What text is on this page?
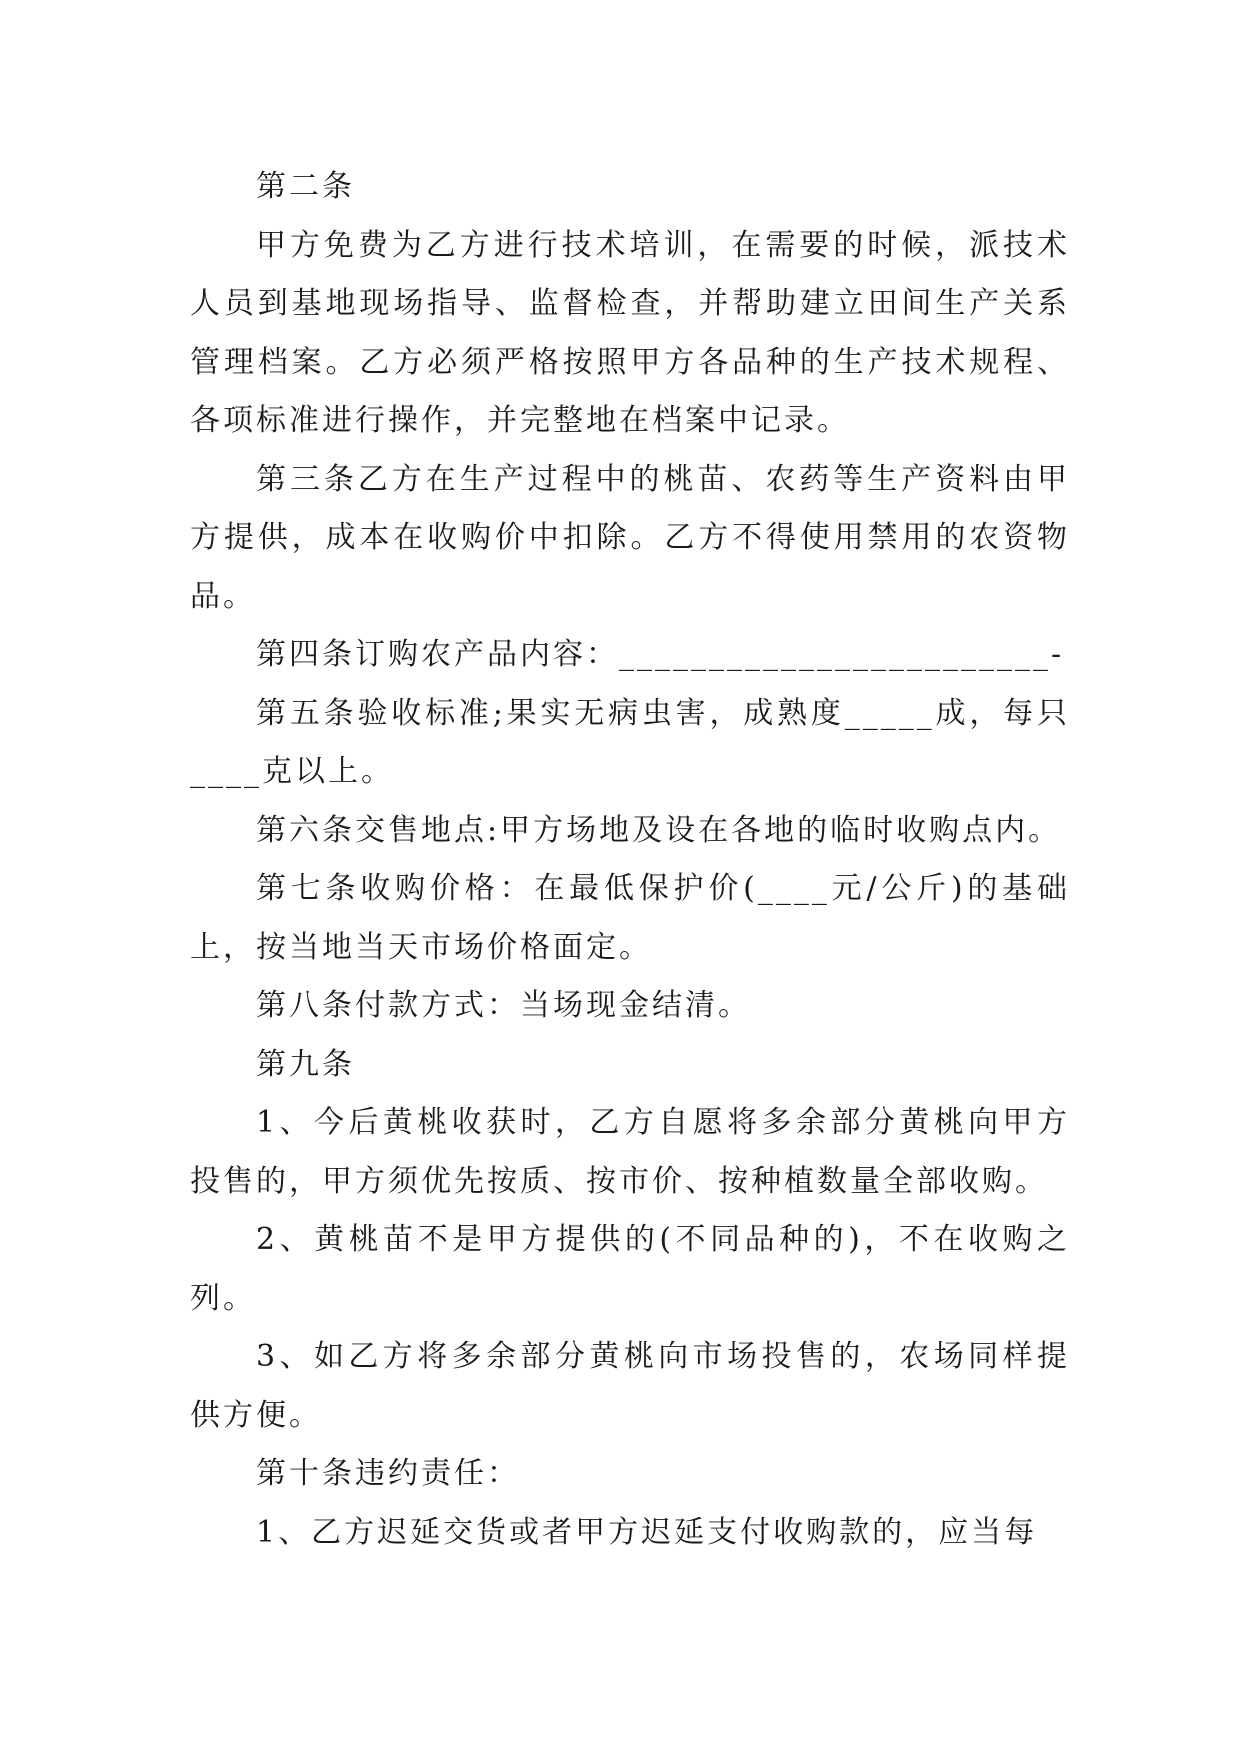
第二条

甲方免费为乙方进行技术培训，在需要的时候，派技术人员到基地现场指导、监督检查，并帮助建立田间生产关系管理档案。乙方必须严格按照甲方各品种的生产技术规程、各项标准进行操作，并完整地在档案中记录。

第三条乙方在生产过程中的桃苗、农药等生产资料由甲方提供，成本在收购价中扣除。乙方不得使用禁用的农资物品。

第四条订购农产品内容：________________________-

第五条验收标准;果实无病虫害，成熟度_____成，每只____克以上。

第六条交售地点:甲方场地及设在各地的临时收购点内。

第七条收购价格：在最低保护价(____元/公斤)的基础上，按当地当天市场价格面定。

第八条付款方式：当场现金结清。

第九条

1、今后黄桃收获时，乙方自愿将多余部分黄桃向甲方投售的，甲方须优先按质、按市价、按种植数量全部收购。

2、黄桃苗不是甲方提供的(不同品种的)，不在收购之列。

3、如乙方将多余部分黄桃向市场投售的，农场同样提供方便。

第十条违约责任：

1、乙方迟延交货或者甲方迟延支付收购款的，应当每
